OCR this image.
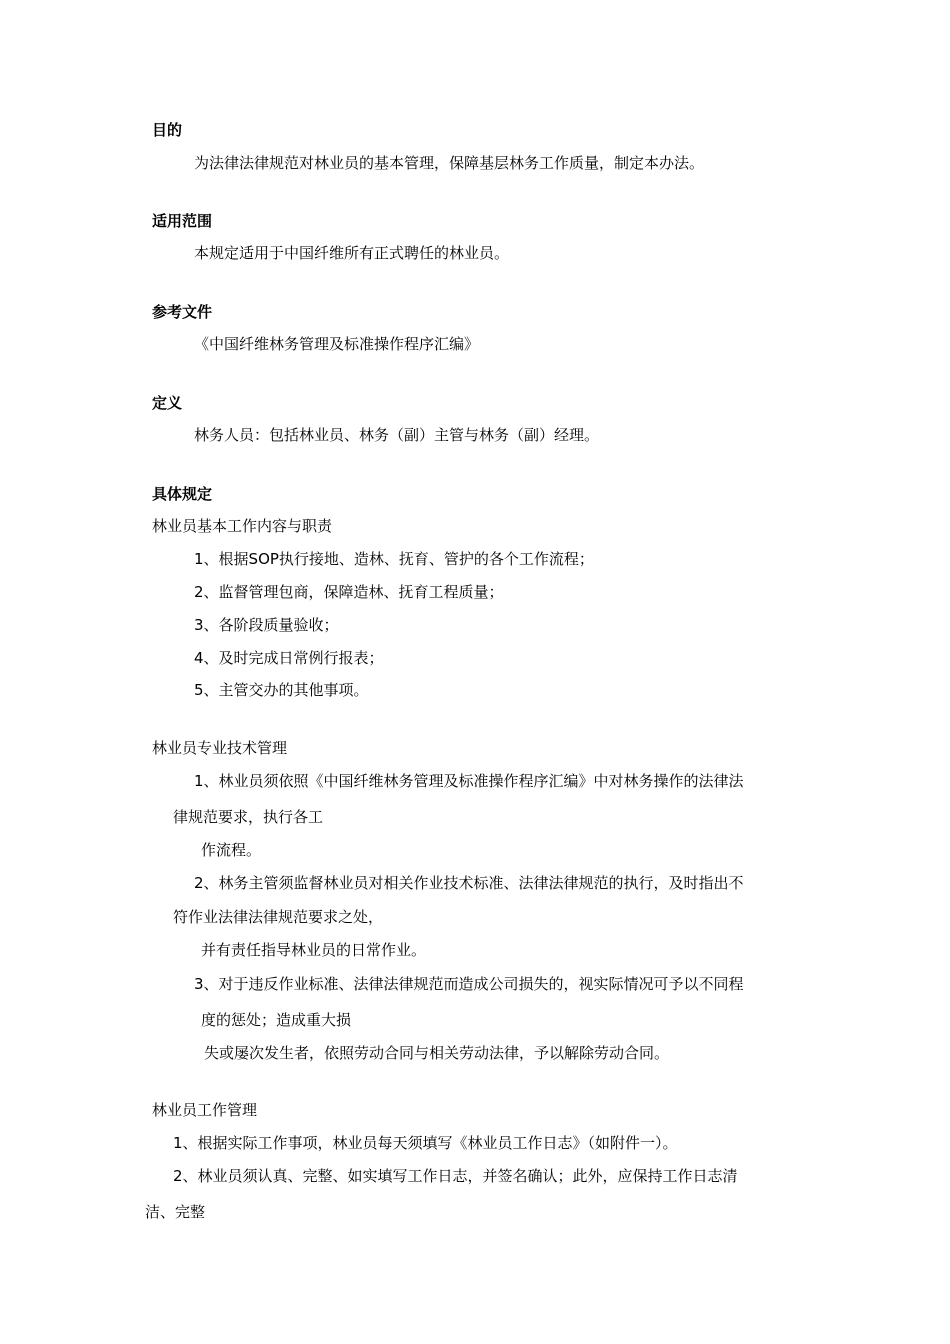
目的
为法律法律规范对林业员的基本管理，保障基层林务工作质量，制定本办法。
适用范围
本规定适用于中国纤维所有正式聘任的林业员。
参考文件
《中国纤维林务管理及标准操作程序汇编》
定义
林务人员：包括林业员、林务（副）主管与林务（副）经理。
具体规定
林业员基本工作内容与职责
1、根据SOP执行接地、造林、抚育、管护的各个工作流程；
2、监督管理包商，保障造林、抚育工程质量；
3、各阶段质量验收；
4、及时完成日常例行报表；
5、主管交办的其他事项。
林业员专业技术管理
1、林业员须依照《中国纤维林务管理及标准操作程序汇编》中对林务操作的法律法
律规范要求，执行各工
作流程。
2、林务主管须监督林业员对相关作业技术标准、法律法律规范的执行，及时指出不
符作业法律法律规范要求之处，
并有责任指导林业员的日常作业。
3、对于违反作业标准、法律法律规范而造成公司损失的，视实际情况可予以不同程
度的惩处；造成重大损
失或屡次发生者，依照劳动合同与相关劳动法律，予以解除劳动合同。
林业员工作管理
1、根据实际工作事项，林业员每天须填写《林业员工作日志》（如附件一）。
2、林业员须认真、完整、如实填写工作日志，并签名确认；此外，应保持工作日志清
洁、完整
